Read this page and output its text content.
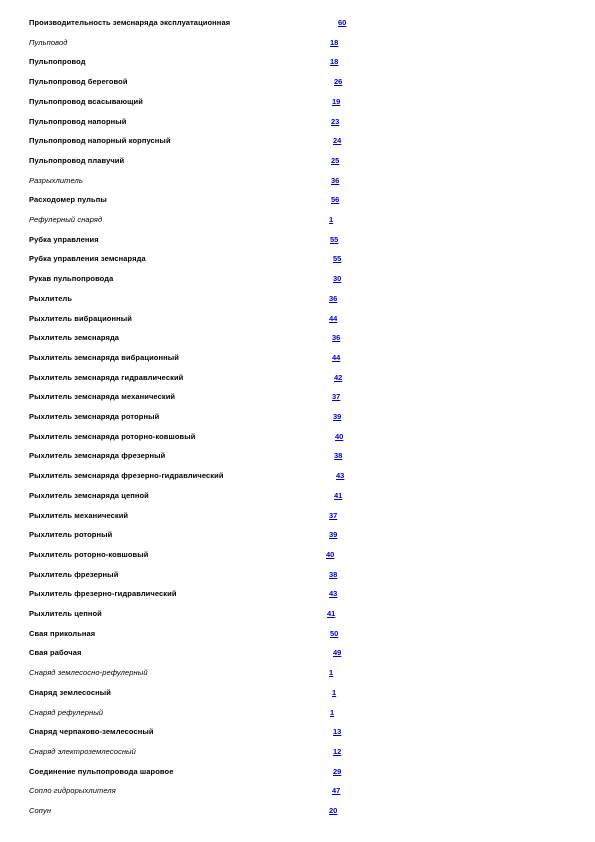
Производительность земснаряда эксплуатационная	60
Пульповод	18
Пульпопровод	18
Пульпопровод береговой	26
Пульпопровод всасывающий	19
Пульпопровод напорный	23
Пульпопровод напорный корпусный	24
Пульпопровод плавучий	25
Разрыхлитель	36
Расходомер пульпы	56
Рефулерный снаряд	1
Рубка управления	55
Рубка управления земснаряда	55
Рукав пульпопровода	30
Рыхлитель	36
Рыхлитель вибрационный	44
Рыхлитель земснаряда	36
Рыхлитель земснаряда вибрационный	44
Рыхлитель земснаряда гидравлический	42
Рыхлитель земснаряда механический	37
Рыхлитель земснаряда роторный	39
Рыхлитель земснаряда роторно-ковшовый	40
Рыхлитель земснаряда фрезерный	38
Рыхлитель земснаряда фрезерно-гидравлический	43
Рыхлитель земснаряда цепной	41
Рыхлитель механический	37
Рыхлитель роторный	39
Рыхлитель роторно-ковшовый	40
Рыхлитель фрезерный	38
Рыхлитель фрезерно-гидравлический	43
Рыхлитель цепной	41
Свая прикольная	50
Свая рабочая	49
Снаряд землесосно-рефулерный	1
Снаряд землесосный	1
Снаряд рефулерный	1
Снаряд черпаково-землесосный	13
Снаряд электроземлесосный	12
Соединение пульпопровода шаровое	29
Сопло гидрорыхлителя	47
Сопун	20
